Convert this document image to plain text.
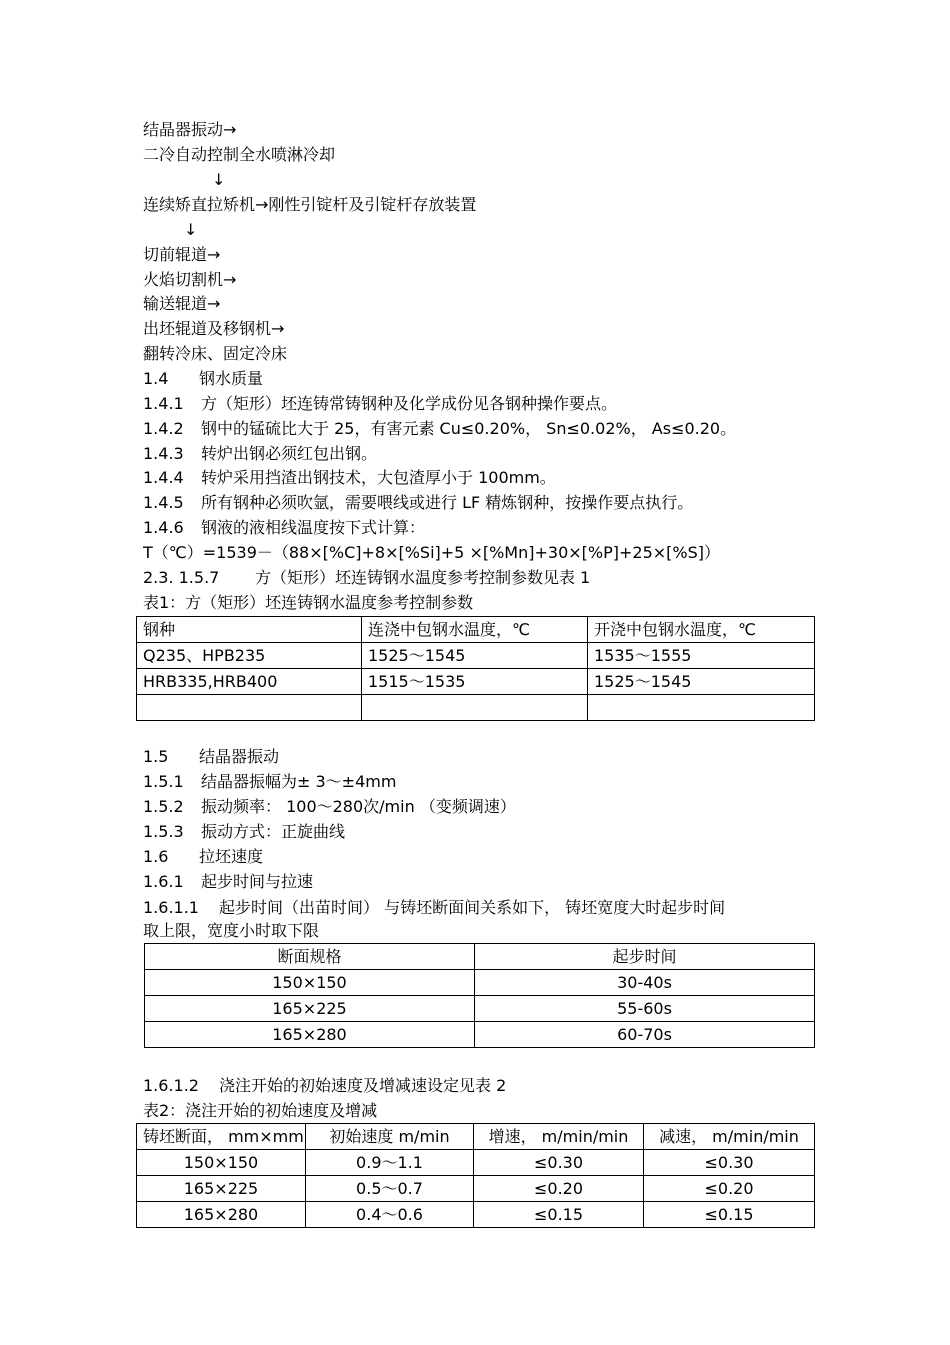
结晶器振动→
二冷自动控制全水喷淋冷却
↓
连续矫直拉矫机→刚性引锭杆及引锭杆存放装置
↓
切前辊道→
火焰切割机→
输送辊道→
出坯辊道及移钢机→
翻转冷床、固定冷床
1.4 钢水质量
1.4.1 方（矩形）坯连铸常铸钢种及化学成份见各钢种操作要点。
1.4.2 钢中的锰硫比大于 25，有害元素 Cu≤0.20%， Sn≤0.02%， As≤0.20。
1.4.3 转炉出钢必须红包出钢。
1.4.4 转炉采用挡渣出钢技术，大包渣厚小于 100mm。
1.4.5 所有钢种必须吹氩，需要喂线或进行 LF 精炼钢种，按操作要点执行。
1.4.6 钢液的液相线温度按下式计算：
T（℃）=1539－（88×[%C]+8×[%Si]+5 ×[%Mn]+30×[%P]+25×[%S]）
2.3. 1.5.7 方（矩形）坯连铸钢水温度参考控制参数见表 1
表1：方（矩形）坯连铸钢水温度参考控制参数
钢种	连浇中包钢水温度，℃	开浇中包钢水温度，℃
Q235、HPB235	1525～1545	1535～1555
HRB335,HRB400	1515～1535	1525～1545

1.5 结晶器振动
1.5.1 结晶器振幅为± 3～±4mm
1.5.2 振动频率： 100～280次/min （变频调速）
1.5.3 振动方式：正旋曲线
1.6 拉坯速度
1.6.1 起步时间与拉速
1.6.1.1 起步时间（出苗时间） 与铸坯断面间关系如下， 铸坯宽度大时起步时间
取上限，宽度小时取下限
断面规格	起步时间
150×150	30-40s
165×225	55-60s
165×280	60-70s
1.6.1.2 浇注开始的初始速度及增减速设定见表 2
表2：浇注开始的初始速度及增减
铸坯断面， mm×mm	初始速度 m/min	增速， m/min/min	减速， m/min/min
150×150	0.9～1.1	≤0.30	≤0.30
165×225	0.5～0.7	≤0.20	≤0.20
165×280	0.4～0.6	≤0.15	≤0.15
